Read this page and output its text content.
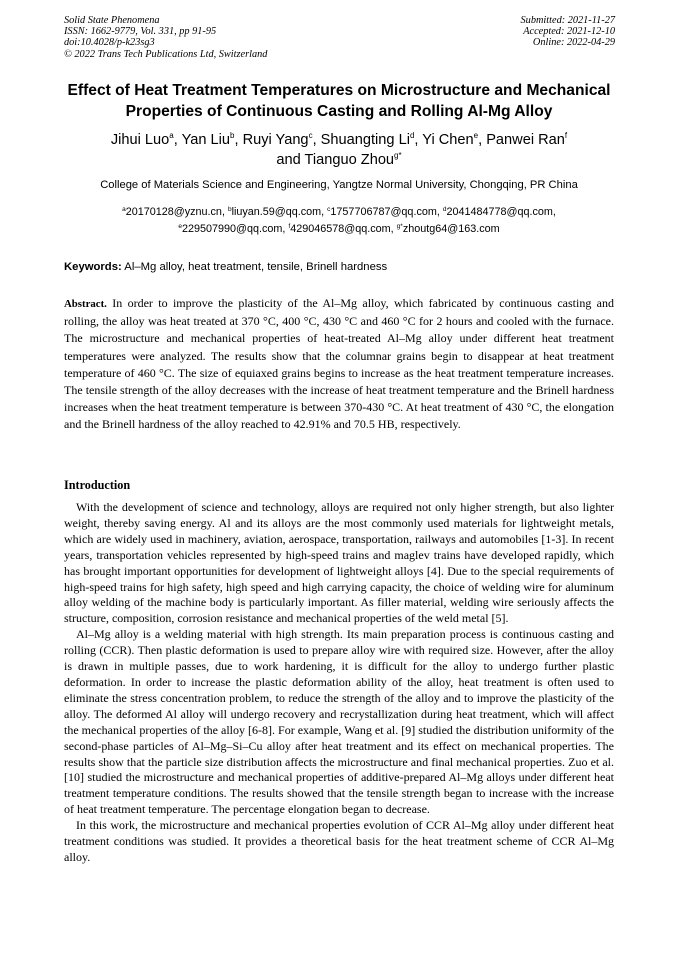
Solid State Phenomena
ISSN: 1662-9779, Vol. 331, pp 91-95
doi:10.4028/p-k23sg3
© 2022 Trans Tech Publications Ltd, Switzerland
Submitted: 2021-11-27
Accepted: 2021-12-10
Online: 2022-04-29
Effect of Heat Treatment Temperatures on Microstructure and Mechanical Properties of Continuous Casting and Rolling Al-Mg Alloy
Jihui Luo$^a$, Yan Liu$^b$, Ruyi Yang$^c$, Shuangting Li$^d$, Yi Chen$^e$, Panwei Ran$^f$
and Tianguo Zhou$^{g*}$
College of Materials Science and Engineering, Yangtze Normal University, Chongqing, PR China
$^a$20170128@yznu.cn, $^b$liuyan.59@qq.com, $^c$1757706787@qq.com, $^d$2041484778@qq.com,
$^e$229507990@qq.com, $^f$429046578@qq.com, $^{g*}$zhoutg64@163.com
Keywords: Al–Mg alloy, heat treatment, tensile, Brinell hardness
Abstract. In order to improve the plasticity of the Al–Mg alloy, which fabricated by continuous casting and rolling, the alloy was heat treated at 370 °C, 400 °C, 430 °C and 460 °C for 2 hours and cooled with the furnace. The microstructure and mechanical properties of heat-treated Al–Mg alloy under different heat treatment temperatures were analyzed. The results show that the columnar grains begin to disappear at heat treatment temperature of 460 °C. The size of equiaxed grains begins to increase as the heat treatment temperature increases. The tensile strength of the alloy decreases with the increase of heat treatment temperature and the Brinell hardness increases when the heat treatment temperature is between 370-430 °C. At heat treatment of 430 °C, the elongation and the Brinell hardness of the alloy reached to 42.91% and 70.5 HB, respectively.
Introduction

With the development of science and technology, alloys are required not only higher strength, but also lighter weight, thereby saving energy. Al and its alloys are the most commonly used materials for lightweight metals, which are widely used in machinery, aviation, aerospace, transportation, railways and automobiles [1-3]. In recent years, transportation vehicles represented by high-speed trains and maglev trains have developed rapidly, which has brought important opportunities for development of lightweight alloys [4]. Due to the special requirements of high-speed trains for high safety, high speed and high carrying capacity, the choice of welding wire for aluminum alloy welding of the machine body is particularly important. As filler material, welding wire seriously affects the structure, composition, corrosion resistance and mechanical properties of the weld metal [5].

Al–Mg alloy is a welding material with high strength. Its main preparation process is continuous casting and rolling (CCR). Then plastic deformation is used to prepare alloy wire with required size. However, after the alloy is drawn in multiple passes, due to work hardening, it is difficult for the alloy to undergo further plastic deformation. In order to increase the plastic deformation ability of the alloy, heat treatment is often used to eliminate the stress concentration problem, to reduce the strength of the alloy and to improve the plasticity of the alloy. The deformed Al alloy will undergo recovery and recrystallization during heat treatment, which will affect the mechanical properties of the alloy [6-8]. For example, Wang et al. [9] studied the distribution uniformity of the second-phase particles of Al–Mg–Si–Cu alloy after heat treatment and its effect on mechanical properties. The results show that the particle size distribution affects the microstructure and final mechanical properties. Zuo et al. [10] studied the microstructure and mechanical properties of additive-prepared Al–Mg alloys under different heat treatment temperature conditions. The results showed that the tensile strength began to increase with the increase of heat treatment temperature. The percentage elongation began to decrease.

In this work, the microstructure and mechanical properties evolution of CCR Al–Mg alloy under different heat treatment conditions was studied. It provides a theoretical basis for the heat treatment scheme of CCR Al–Mg alloy.
